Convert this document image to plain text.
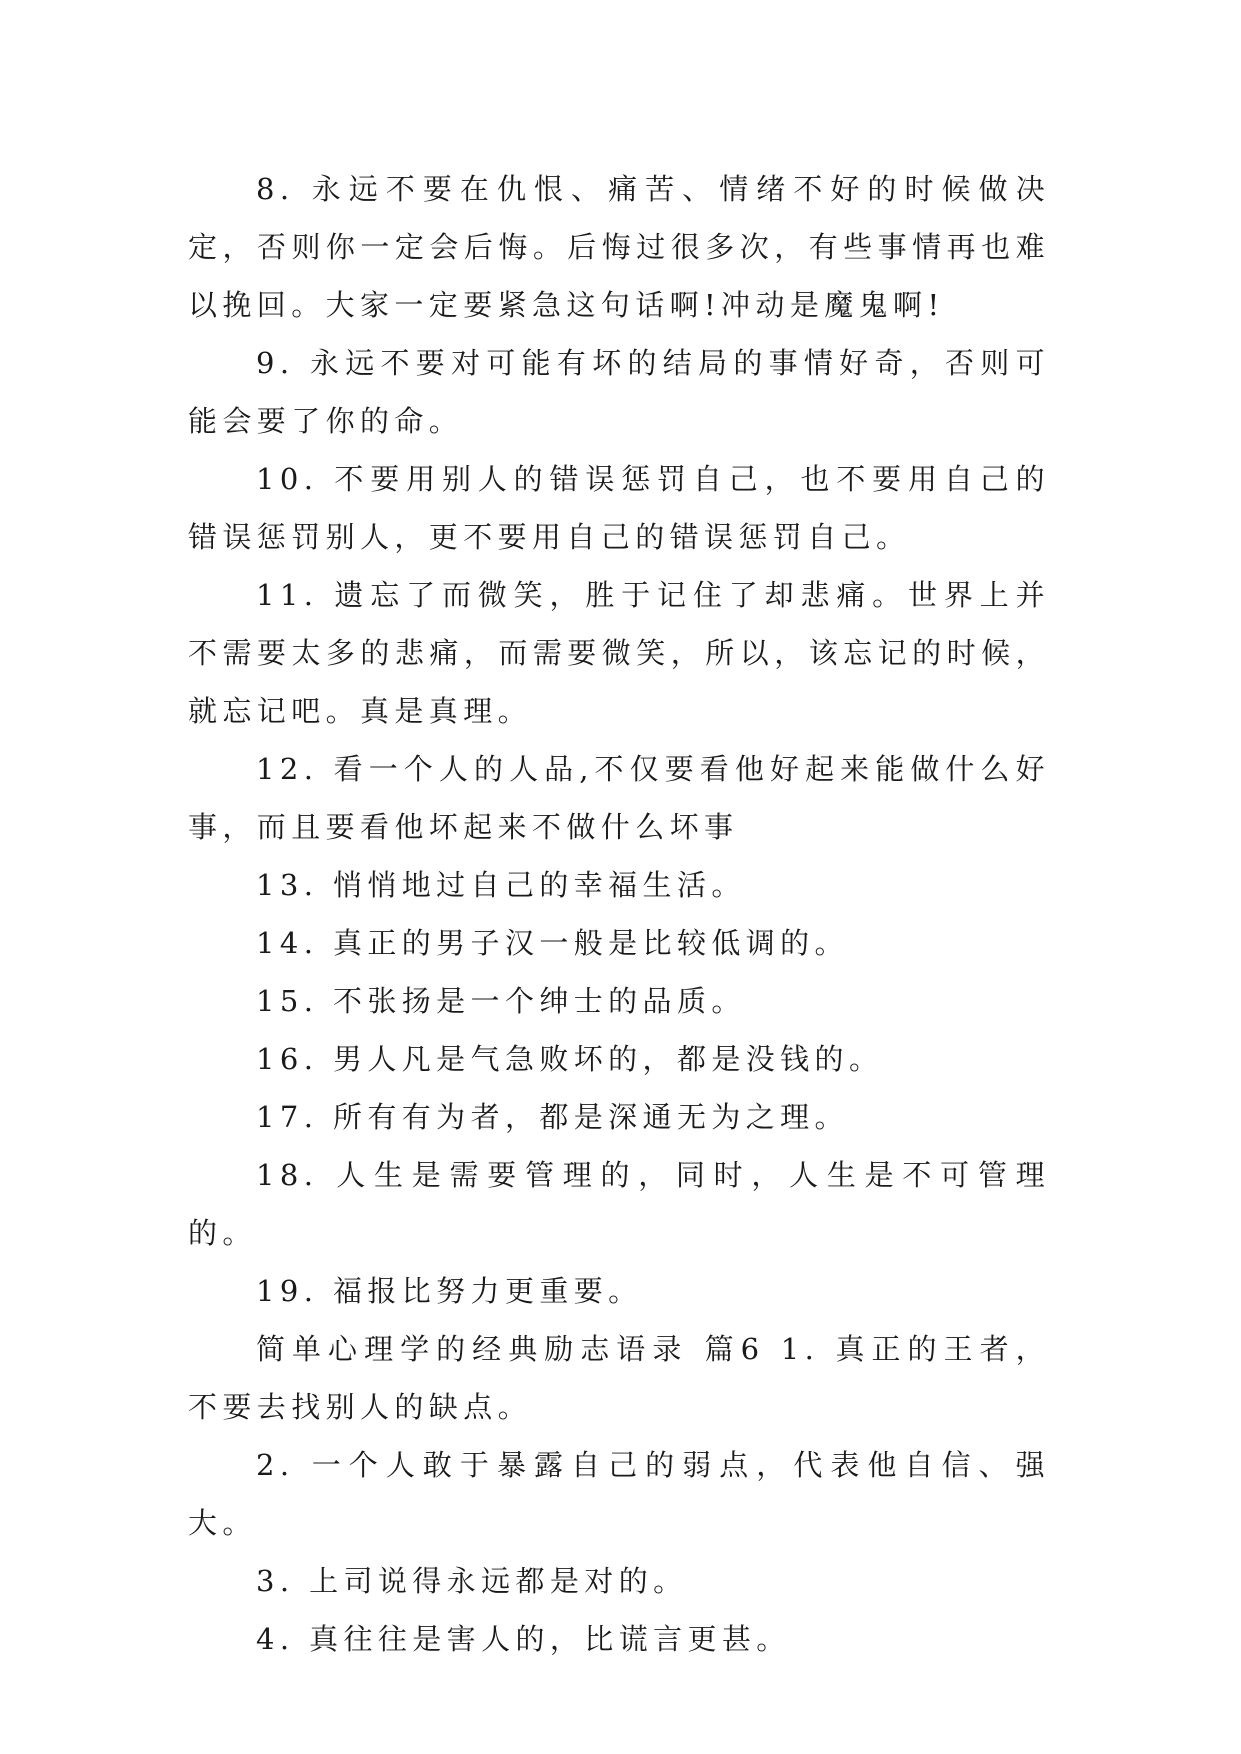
8. 永远不要在仇恨、痛苦、情绪不好的时候做决定，否则你一定会后悔。后悔过很多次，有些事情再也难以挽回。大家一定要紧急这句话啊!冲动是魔鬼啊!

9. 永远不要对可能有坏的结局的事情好奇，否则可能会要了你的命。

10. 不要用别人的错误惩罚自己，也不要用自己的错误惩罚别人，更不要用自己的错误惩罚自己。

11. 遗忘了而微笑，胜于记住了却悲痛。世界上并不需要太多的悲痛，而需要微笑，所以，该忘记的时候，就忘记吧。真是真理。

12. 看一个人的人品,不仅要看他好起来能做什么好事，而且要看他坏起来不做什么坏事

13. 悄悄地过自己的幸福生活。

14. 真正的男子汉一般是比较低调的。

15. 不张扬是一个绅士的品质。

16. 男人凡是气急败坏的，都是没钱的。

17. 所有有为者，都是深通无为之理。

18. 人生是需要管理的，同时，人生是不可管理的。

19. 福报比努力更重要。

简单心理学的经典励志语录 篇6 1. 真正的王者，不要去找别人的缺点。

2. 一个人敢于暴露自己的弱点，代表他自信、强大。

3. 上司说得永远都是对的。

4. 真往往是害人的，比谎言更甚。
